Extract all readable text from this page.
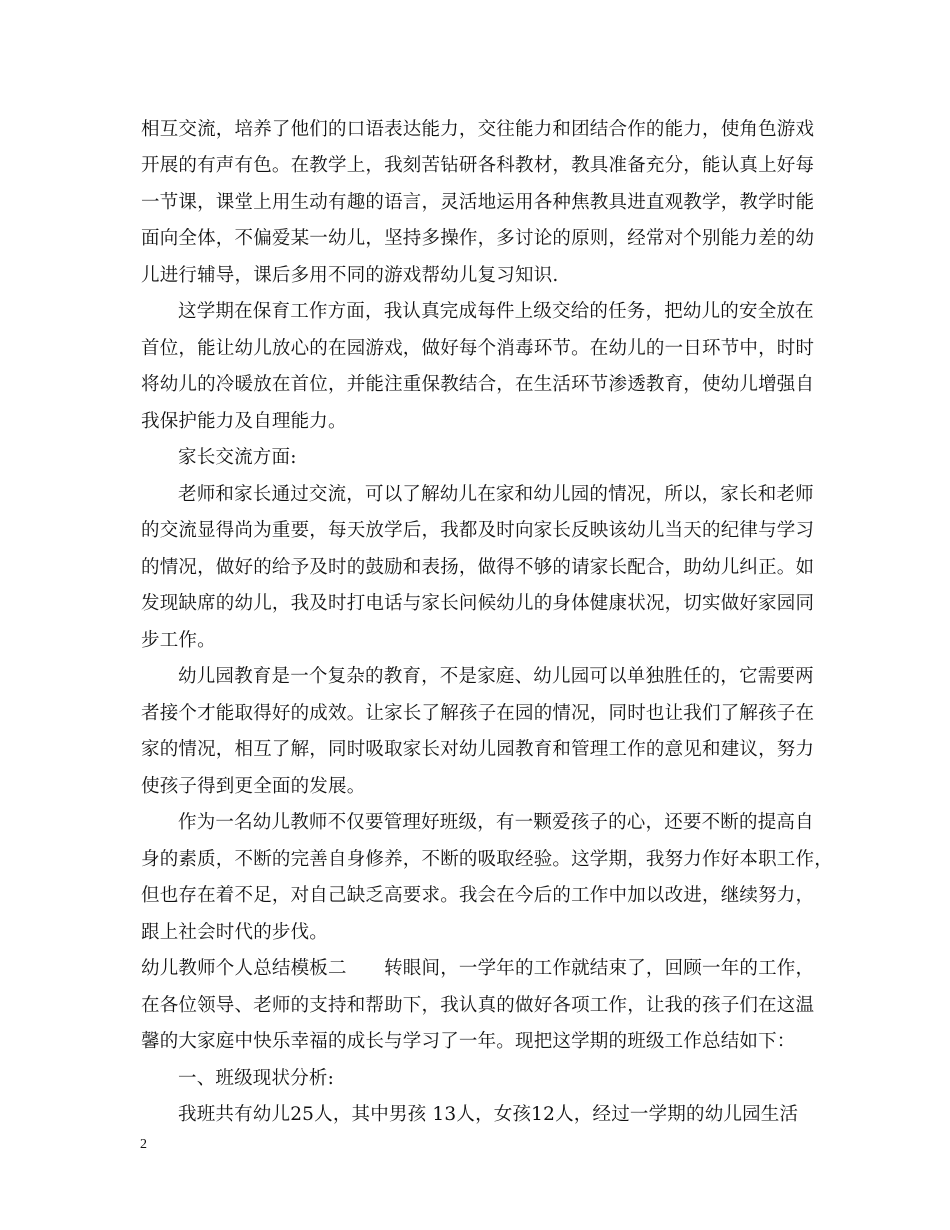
相互交流，培养了他们的口语表达能力，交往能力和团结合作的能力，使角色游戏
开展的有声有色。在教学上，我刻苦钻研各科教材，教具准备充分，能认真上好每
一节课，课堂上用生动有趣的语言，灵活地运用各种焦教具进直观教学，教学时能
面向全体，不偏爱某一幼儿，坚持多操作，多讨论的原则，经常对个别能力差的幼
儿进行辅导，课后多用不同的游戏帮幼儿复习知识.
这学期在保育工作方面，我认真完成每件上级交给的任务，把幼儿的安全放在
首位，能让幼儿放心的在园游戏，做好每个消毒环节。在幼儿的一日环节中，时时
将幼儿的冷暖放在首位，并能注重保教结合，在生活环节渗透教育，使幼儿增强自
我保护能力及自理能力。
家长交流方面:
老师和家长通过交流，可以了解幼儿在家和幼儿园的情况，所以，家长和老师
的交流显得尚为重要，每天放学后，我都及时向家长反映该幼儿当天的纪律与学习
的情况，做好的给予及时的鼓励和表扬，做得不够的请家长配合，助幼儿纠正。如
发现缺席的幼儿，我及时打电话与家长问候幼儿的身体健康状况，切实做好家园同
步工作。
幼儿园教育是一个复杂的教育，不是家庭、幼儿园可以单独胜任的，它需要两
者接个才能取得好的成效。让家长了解孩子在园的情况，同时也让我们了解孩子在
家的情况，相互了解，同时吸取家长对幼儿园教育和管理工作的意见和建议，努力
使孩子得到更全面的发展。
作为一名幼儿教师不仅要管理好班级，有一颗爱孩子的心，还要不断的提高自
身的素质，不断的完善自身修养，不断的吸取经验。这学期，我努力作好本职工作，
但也存在着不足，对自己缺乏高要求。我会在今后的工作中加以改进，继续努力，
跟上社会时代的步伐。
幼儿教师个人总结模板二　　转眼间，一学年的工作就结束了，回顾一年的工作，
在各位领导、老师的支持和帮助下，我认真的做好各项工作，让我的孩子们在这温
馨的大家庭中快乐幸福的成长与学习了一年。现把这学期的班级工作总结如下：
一、班级现状分析:
我班共有幼儿25人，其中男孩 13人，女孩12人，经过一学期的幼儿园生活
2
